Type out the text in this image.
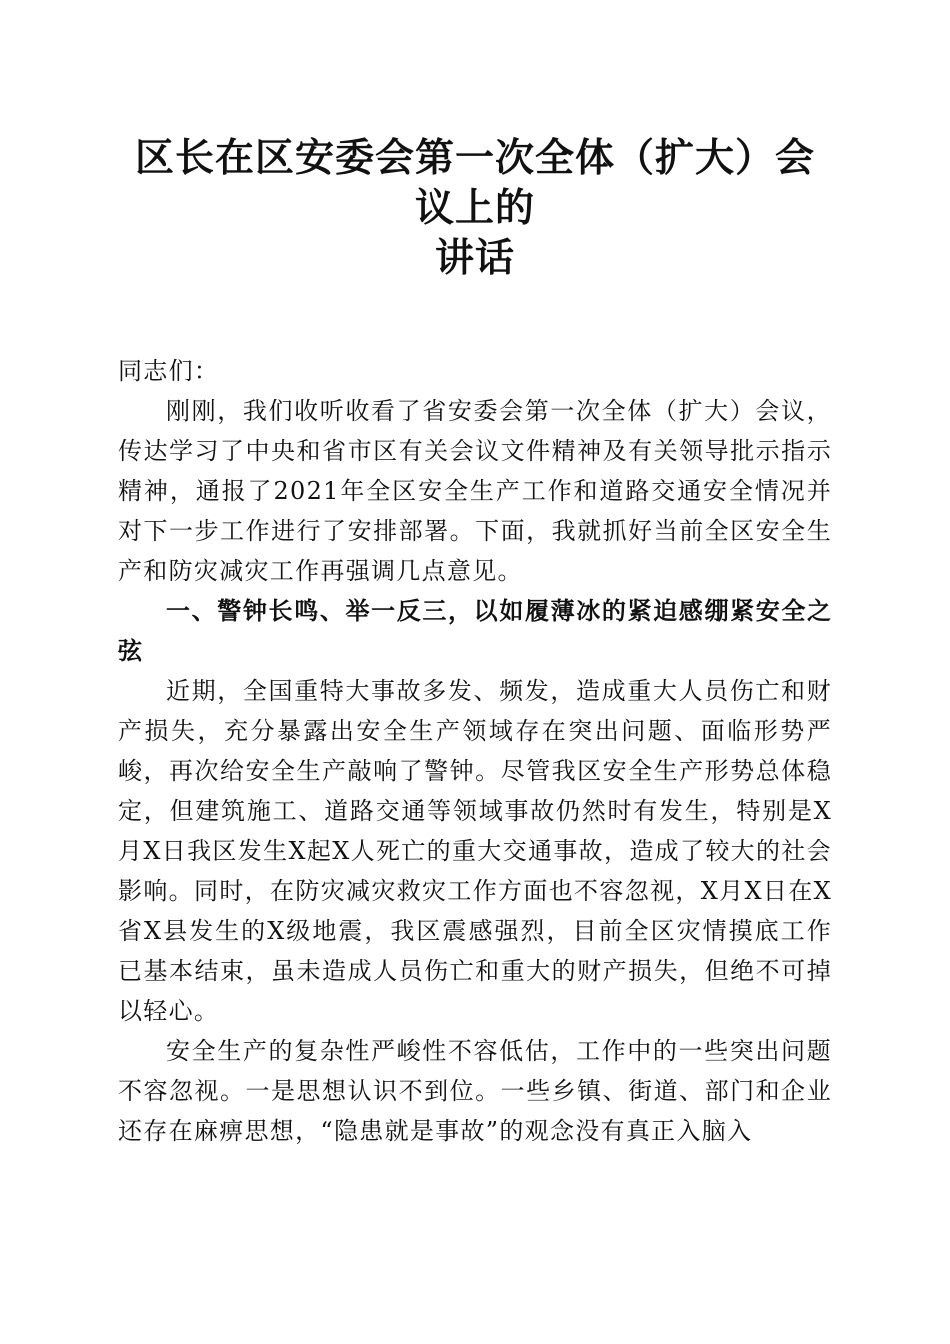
区长在区安委会第一次全体（扩大）会议上的
讲话

同志们：

刚刚，我们收听收看了省安委会第一次全体（扩大）会议，传达学习了中央和省市区有关会议文件精神及有关领导批示指示精神，通报了2021年全区安全生产工作和道路交通安全情况并对下一步工作进行了安排部署。下面，我就抓好当前全区安全生产和防灾减灾工作再强调几点意见。

一、警钟长鸣、举一反三，以如履薄冰的紧迫感绷紧安全之弦

近期，全国重特大事故多发、频发，造成重大人员伤亡和财产损失，充分暴露出安全生产领域存在突出问题、面临形势严峻，再次给安全生产敲响了警钟。尽管我区安全生产形势总体稳定，但建筑施工、道路交通等领域事故仍然时有发生，特别是X月X日我区发生X起X人死亡的重大交通事故，造成了较大的社会影响。同时，在防灾减灾救灾工作方面也不容忽视，X月X日在X省X县发生的X级地震，我区震感强烈，目前全区灾情摸底工作已基本结束，虽未造成人员伤亡和重大的财产损失，但绝不可掉以轻心。

安全生产的复杂性严峻性不容低估，工作中的一些突出问题不容忽视。一是思想认识不到位。一些乡镇、街道、部门和企业还存在麻痹思想，“隐患就是事故”的观念没有真正入脑入
